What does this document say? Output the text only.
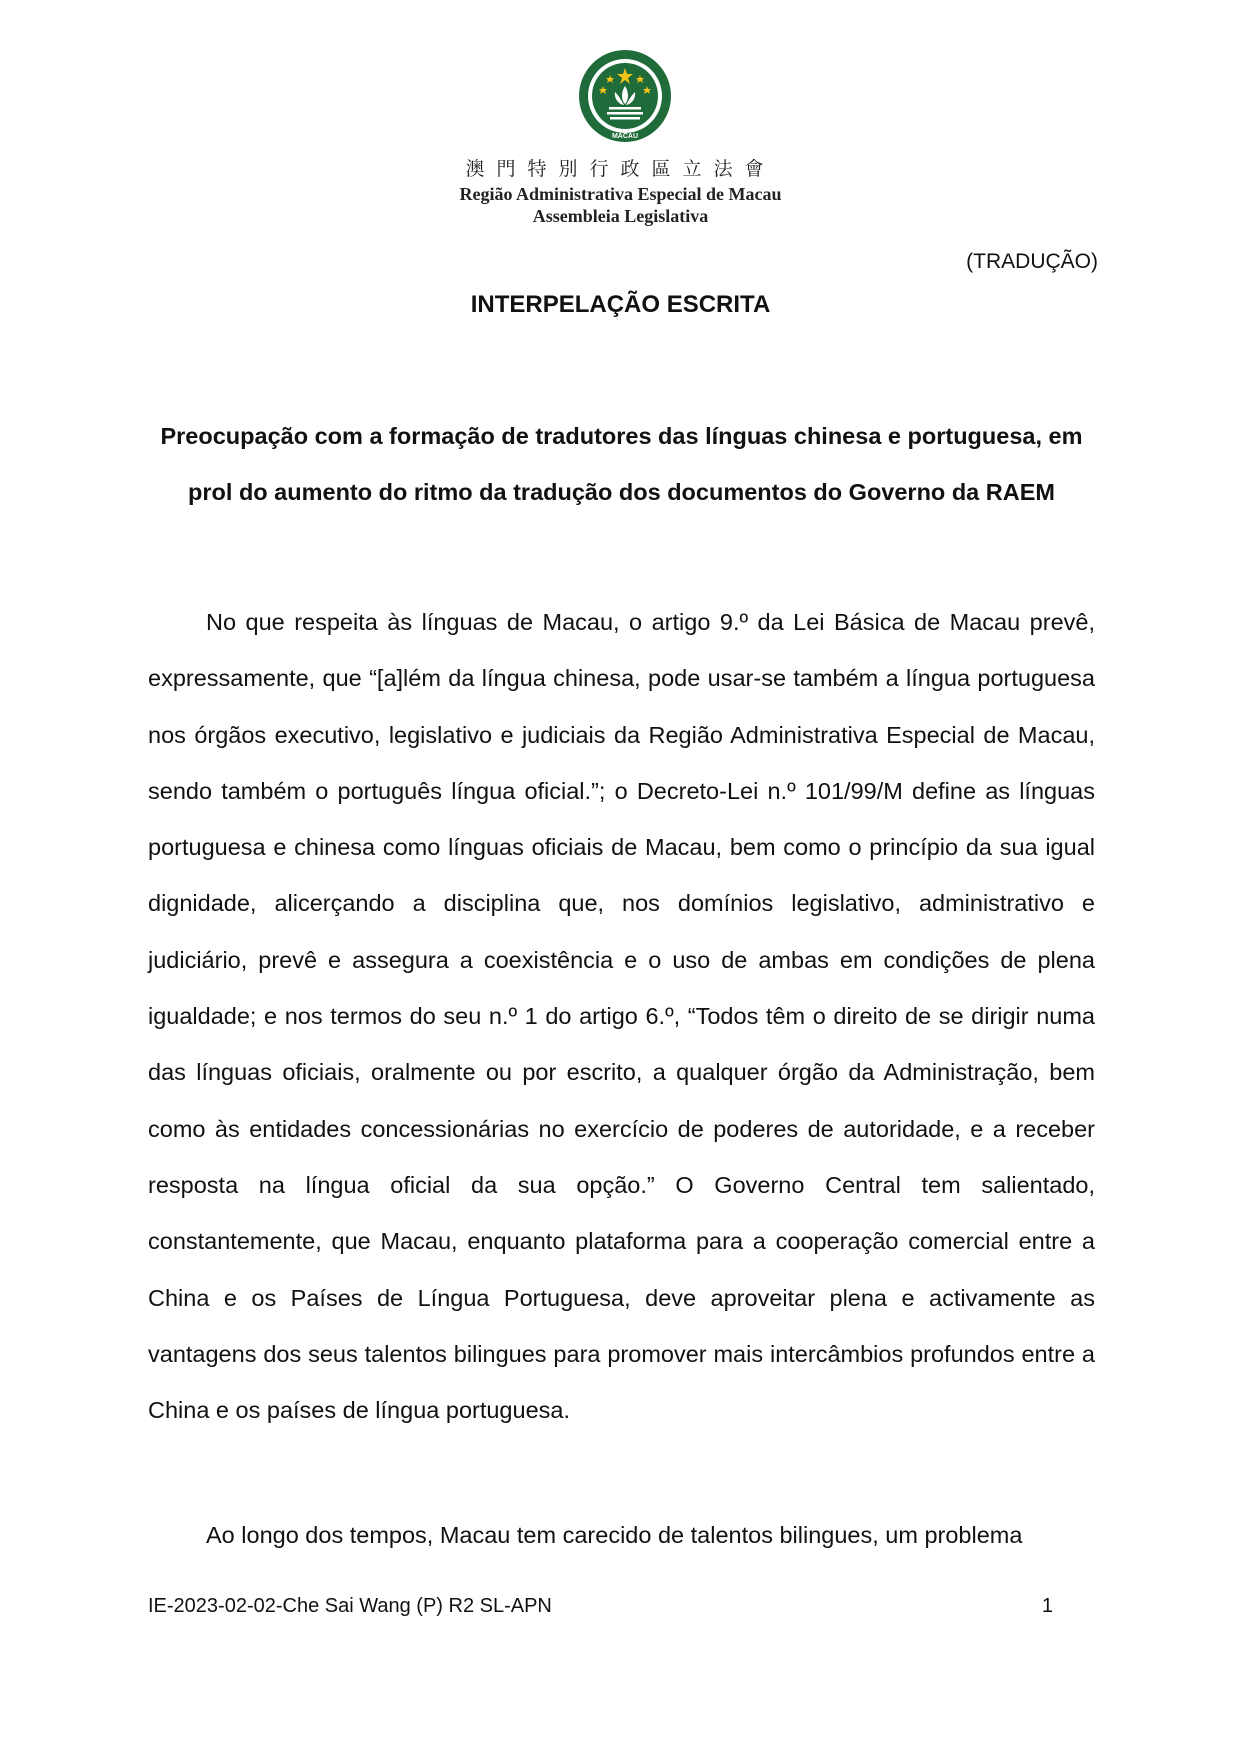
MACAU
澳門特別行政區立法會
Região Administrativa Especial de Macau
Assembleia Legislativa
(TRADUÇÃO)
INTERPELAÇÃO ESCRITA

Preocupação com a formação de tradutores das línguas chinesa e portuguesa, em prol do aumento do ritmo da tradução dos documentos do Governo da RAEM

No que respeita às línguas de Macau, o artigo 9.º da Lei Básica de Macau prevê, expressamente, que “[a]lém da língua chinesa, pode usar-se também a língua portuguesa nos órgãos executivo, legislativo e judiciais da Região Administrativa Especial de Macau, sendo também o português língua oficial.”; o Decreto-Lei n.º 101/99/M define as línguas portuguesa e chinesa como línguas oficiais de Macau, bem como o princípio da sua igual dignidade, alicerçando a disciplina que, nos domínios legislativo, administrativo e judiciário, prevê e assegura a coexistência e o uso de ambas em condições de plena igualdade; e nos termos do seu n.º 1 do artigo 6.º, “Todos têm o direito de se dirigir numa das línguas oficiais, oralmente ou por escrito, a qualquer órgão da Administração, bem como às entidades concessionárias no exercício de poderes de autoridade, e a receber resposta na língua oficial da sua opção.” O Governo Central tem salientado, constantemente, que Macau, enquanto plataforma para a cooperação comercial entre a China e os Países de Língua Portuguesa, deve aproveitar plena e activamente as vantagens dos seus talentos bilingues para promover mais intercâmbios profundos entre a China e os países de língua portuguesa.

Ao longo dos tempos, Macau tem carecido de talentos bilingues, um problema

IE-2023-02-02-Che Sai Wang (P) R2 SL-APN	1
